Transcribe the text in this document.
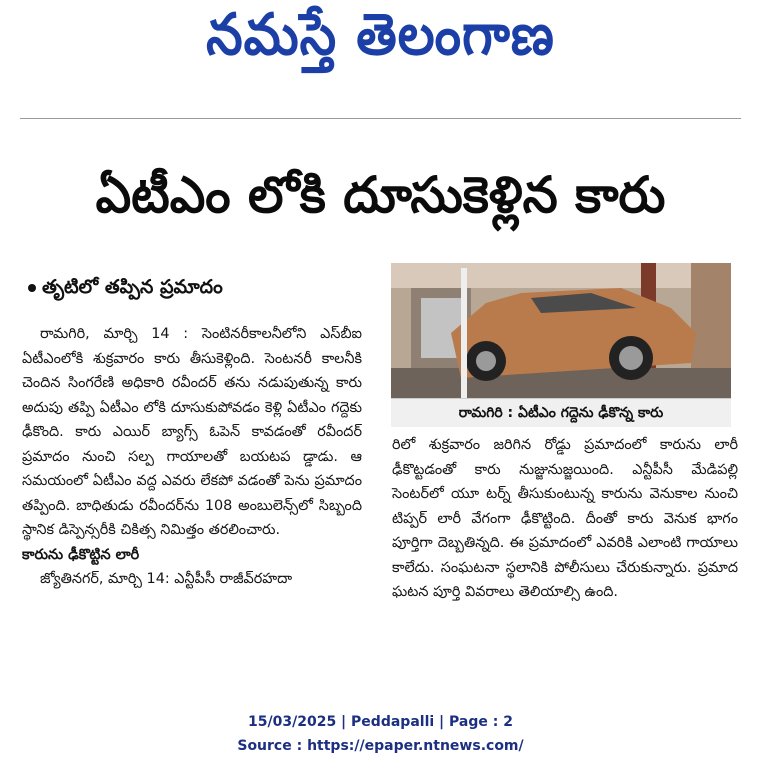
నమస్తే తెలంగాణ
ఏటీఎం లోకి దూసుకెళ్లిన కారు
తృటిలో తప్పిన ప్రమాదం

రామగిరి, మార్చి 14 : సెంటినరీకాలనీలోని ఎస్‌బీఐ ఏటీఎంలోకి శుక్రవారం కారు తీసుకెళ్లింది. సెంటనరీ కాలనీకి చెందిన సింగరేణి అధికారి రవీందర్ తను నడుపుతున్న కారు అదుపు తప్పి ఏటీఎం లోకి దూసుకుపోవడం కెళ్లి ఏటీఎం గద్దెకు ఢీకొంది. కారు ఎయిర్ బ్యాగ్స్ ఓపెన్ కావడంతో రవీందర్ ప్రమాదం నుంచి సల్ప గాయాలతో బయటప డ్డాడు. ఆ సమయంలో ఏటీఎం వద్ద ఎవరు లేకపో వడంతో పెను ప్రమాదం తప్పింది. బాధితుడు రవీందర్‌ను 108 అంబులెన్స్‌లో సిబ్బంది స్థానిక డిస్పెన్సరీకి చికిత్స నిమిత్తం తరలించారు.

కారును ఢీకొట్టిన లారీ

జ్యోతినగర్, మార్చి 14: ఎన్టీపీసీ రాజీవ్‌రహదా

రామగిరి : ఏటీఎం గద్దెను ఢీకొన్న కారు

రిలో శుక్రవారం జరిగిన రోడ్డు ప్రమాదంలో కారును లారీ ఢీకొట్టడంతో కారు నుజ్జునుజ్జయింది. ఎన్టీపీసీ మేడిపల్లి సెంటర్‌లో యూ టర్న్ తీసుకుంటున్న కారును వెనుకాల నుంచి టిప్పర్ లారీ వేగంగా ఢీకొట్టింది. దీంతో కారు వెనుక భాగం పూర్తిగా దెబ్బతిన్నది. ఈ ప్రమాదంలో ఎవరికి ఎలాంటి గాయాలు కాలేదు. సంఘటనా స్థలానికి పోలీసులు చేరుకున్నారు. ప్రమాద ఘటన పూర్తి వివరాలు తెలియాల్సి ఉంది.

15/03/2025 | Peddapalli | Page : 2
Source : https://epaper.ntnews.com/
